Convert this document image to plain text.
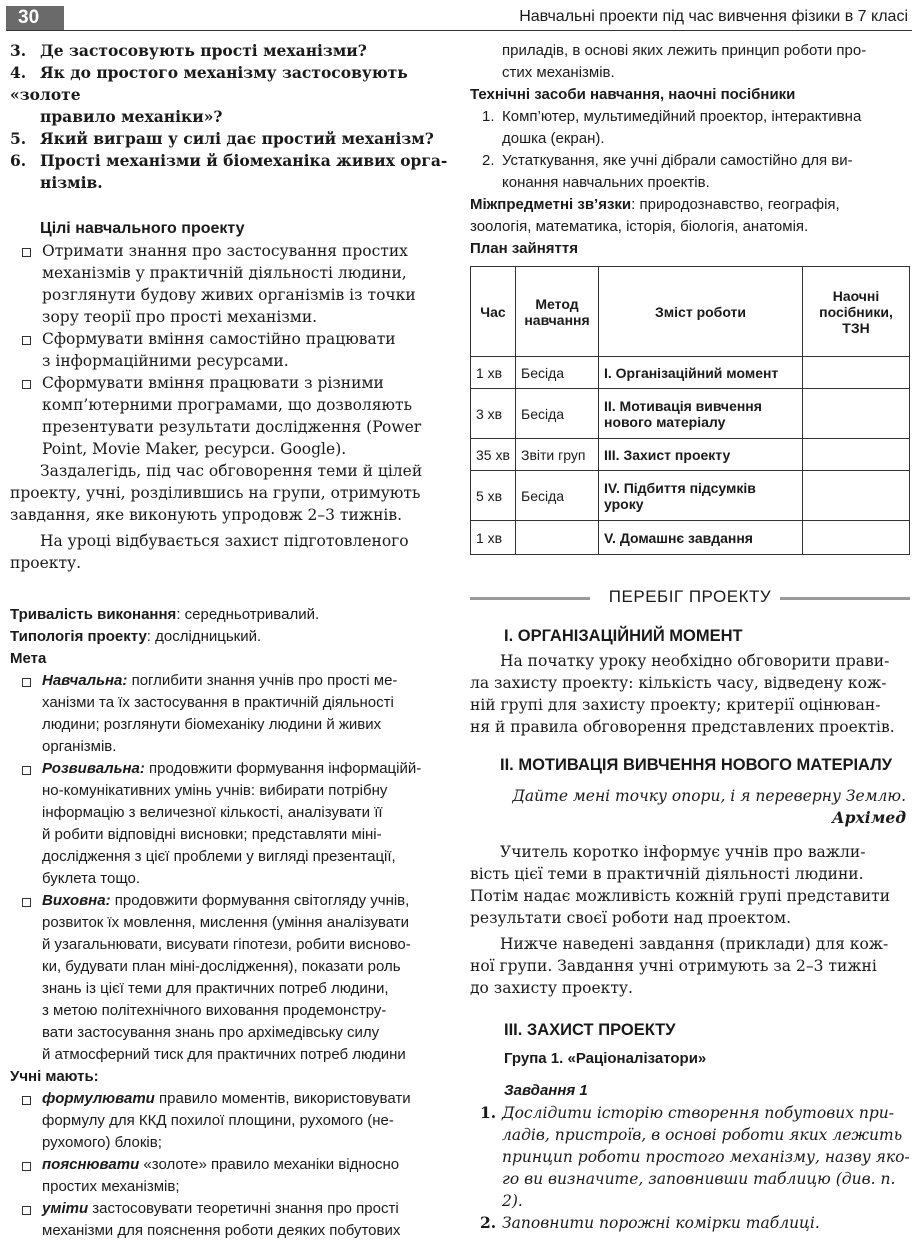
30	Навчальні проекти під час вивчення фізики в 7 класі

3. Де застосовують прості механізми?

4. Як до простого механізму застосовують «золоте
правило механіки»?

5. Який виграш у силі дає простий механізм?

6. Прості механізми й біомеханіка живих орга-
нізмів.

Цілі навчального проекту
Отримати знання про застосування простих
механізмів у практичній діяльності людини,
розглянути будову живих організмів із точки
зору теорії про прості механізми.
Сформувати вміння самостійно працювати
з інформаційними ресурсами.
Сформувати вміння працювати з різними
комп’ютерними програмами, що дозволяють
презентувати результати дослідження (Power
Point, Movie Maker, ресурси. Google).
Заздалегідь, під час обговорення теми й цілей
проекту, учні, розділившись на групи, отримують
завдання, яке виконують упродовж 2–3 тижнів.
На уроці відбувається захист підготовленого
проекту.
Тривалість виконання: середньотривалий.
Типологія проекту: дослідницький.
Мета
Навчальна: поглибити знання учнів про прості ме-
ханізми та їх застосування в практичній діяльності
людини; розглянути біомеханіку людини й живих
організмів.
Розвивальна: продовжити формування інформаційй-
но-комунікативних умінь учнів: вибирати потрібну
інформацію з величезної кількості, аналізувати її
й робити відповідні висновки; представляти міні-
дослідження з цієї проблеми у вигляді презентації,
буклета тощо.
Виховна: продовжити формування світогляду учнів,
розвиток їх мовлення, мислення (уміння аналізувати
й узагальнювати, висувати гіпотези, робити висново-
ки, будувати план міні-дослідження), показати роль
знань із цієї теми для практичних потреб людини,
з метою політехнічного виховання продемонстру-
вати застосування знань про архімедівську силу
й атмосферний тиск для практичних потреб людини
Учні мають:
формулювати правило моментів, використовувати
формулу для ККД похилої площини, рухомого (не-
рухомого) блоків;
пояснювати «золоте» правило механіки відносно
простих механізмів;
уміти застосовувати теоретичні знання про прості
механізми для пояснення роботи деяких побутових
приладів, в основі яких лежить принцип роботи про-
стих механізмів.
Технічні засоби навчання, наочні посібники
1. Комп’ютер, мультимедійний проектор, інтерактивна
дошка (екран).
2. Устаткування, яке учні дібрали самостійно для ви-
конання навчальних проектів.
Міжпредметні зв’язки: природознавство, географія,
зоологія, математика, історія, біологія, анатомія.
План зайняття
Час	Метод навчання	Зміст роботи	Наочні посібники, ТЗН
1 хв	Бесіда	I. Організаційний момент	
3 хв	Бесіда	II. Мотивація вивчення нового матеріалу	
35 хв	Звіти груп	III. Захист проекту	
5 хв	Бесіда	IV. Підбиття підсумків уроку	
1 хв		V. Домашнє завдання	
ПЕРЕБІГ ПРОЕКТУ
I. ОРГАНІЗАЦІЙНИЙ МОМЕНТ
На початку уроку необхідно обговорити прави-
ла захисту проекту: кількість часу, відведену кож-
ній групі для захисту проекту; критерії оцінюван-
ня й правила обговорення представлених проектів.
II. МОТИВАЦІЯ ВИВЧЕННЯ НОВОГО МАТЕРІАЛУ
Дайте мені точку опори, і я переверну Землю.
Архімед
Учитель коротко інформує учнів про важли-
вість цієї теми в практичній діяльності людини.
Потім надає можливість кожній групі представити
результати своєї роботи над проектом.
Нижче наведені завдання (приклади) для кож-
ної групи. Завдання учні отримують за 2–3 тижні
до захисту проекту.
III. ЗАХИСТ ПРОЕКТУ
Група 1. «Раціоналізатори»
Завдання 1
1. Дослідити історію створення побутових при-
ладів, пристроїв, в основі роботи яких лежить
принцип роботи простого механізму, назву яко-
го ви визначите, заповнивши таблицю (див. п. 2).
2. Заповнити порожні комірки таблиці.
